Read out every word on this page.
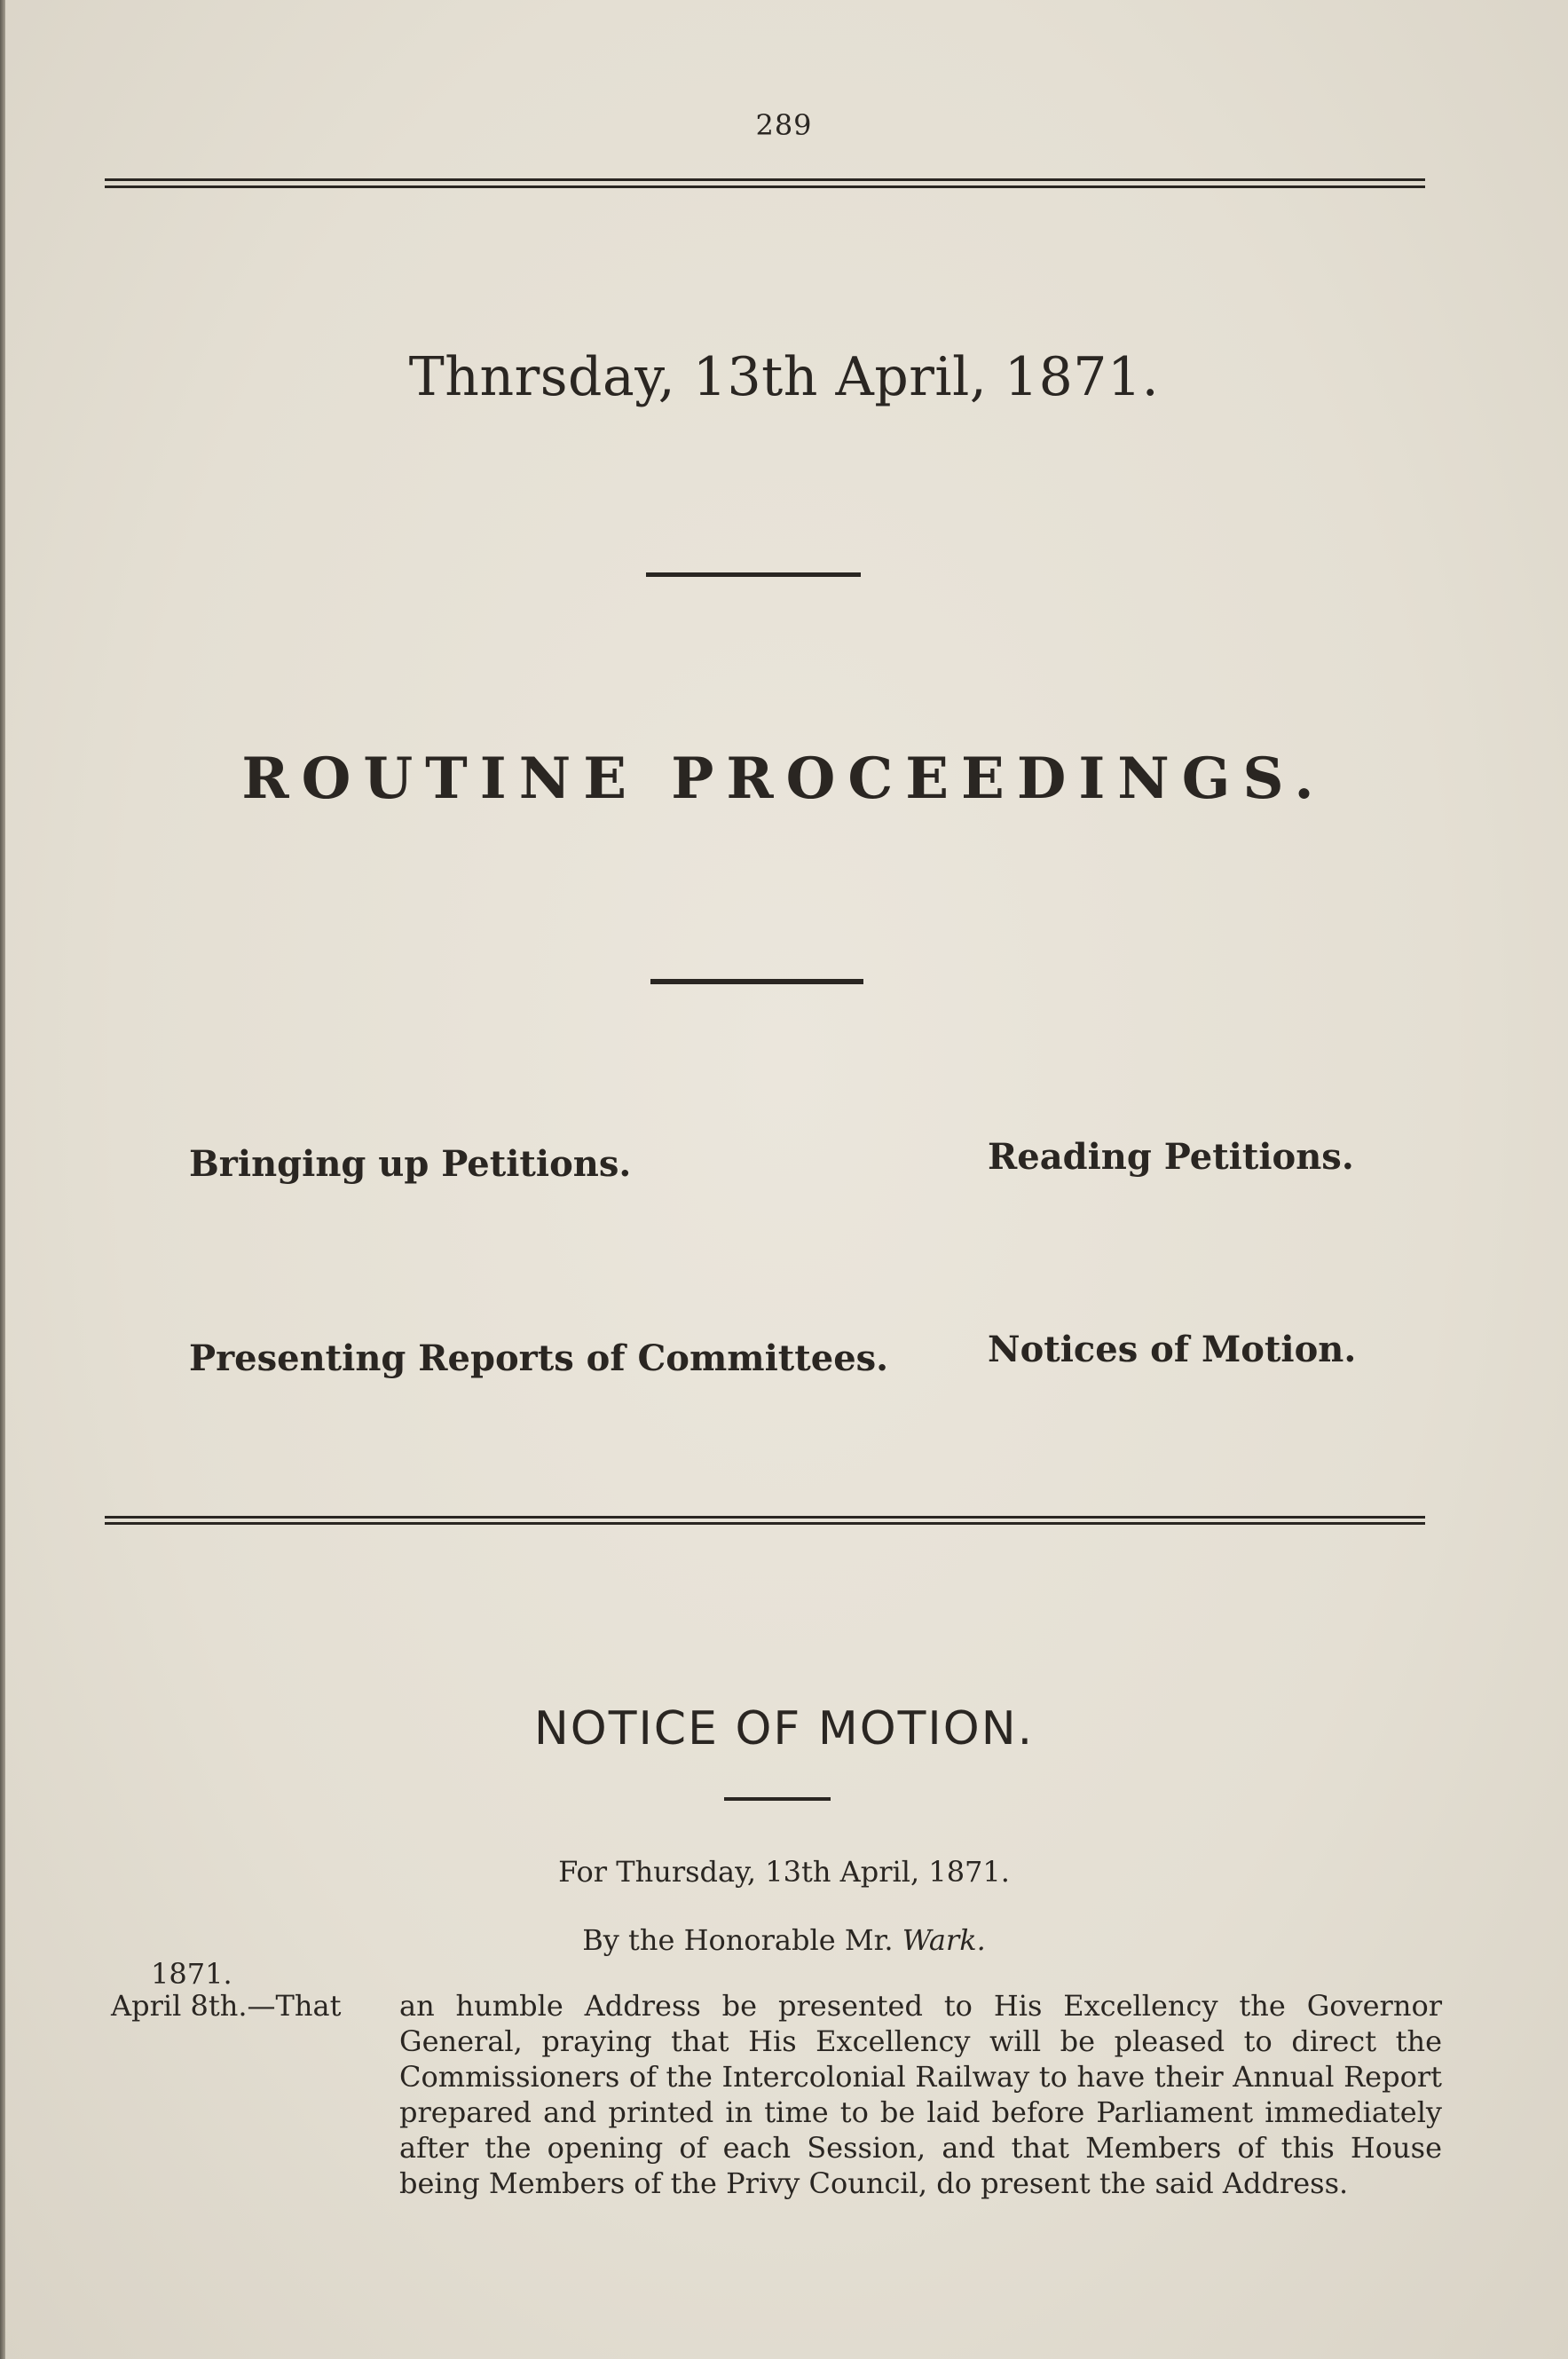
289
Thnrsday, 13th April, 1871.
ROUTINE PROCEEDINGS.
Bringing up Petitions.	Reading Petitions.
Presenting Reports of Committees.	Notices of Motion.
NOTICE OF MOTION.
For Thursday, 13th April, 1871.
By the Honorable Mr. Wark.
1871.
April 8th.—That an humble Address be presented to His Excellency the Governor General, praying that His Excellency will be pleased to direct the Commissioners of the Intercolonial Railway to have their Annual Report prepared and printed in time to be laid before Parliament immediately after the opening of each Session, and that Members of this House being Members of the Privy Council, do present the said Address.
